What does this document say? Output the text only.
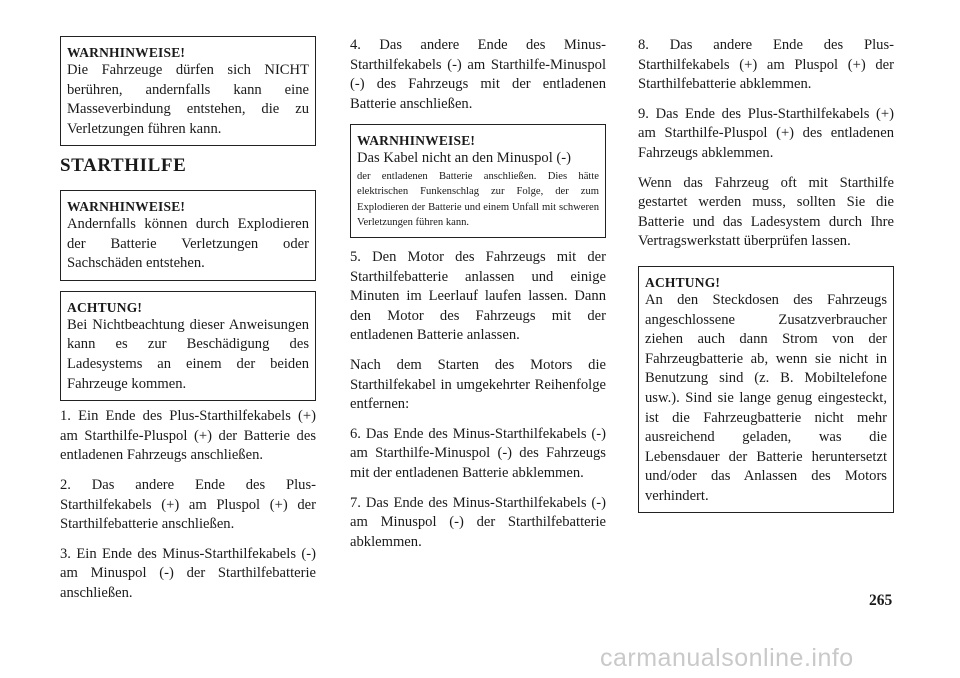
WARNHINWEISE!
Die Fahrzeuge dürfen sich NICHT berühren, andernfalls kann eine Masseverbindung entstehen, die zu Verletzungen führen kann.
STARTHILFE
WARNHINWEISE!
Andernfalls können durch Explodieren der Batterie Verletzungen oder Sachschäden entstehen.
ACHTUNG!
Bei Nichtbeachtung dieser Anweisungen kann es zur Beschädigung des Ladesystems an einem der beiden Fahrzeuge kommen.

1. Ein Ende des Plus-Starthilfekabels (+) am Starthilfe-Pluspol (+) der Batterie des entladenen Fahrzeugs anschließen.

2. Das andere Ende des Plus-Starthilfekabels (+) am Pluspol (+) der Starthilfebatterie anschließen.

3. Ein Ende des Minus-Starthilfekabels (-) am Minuspol (-) der Starthilfebatterie anschließen.

4. Das andere Ende des Minus-Starthilfekabels (-) am Starthilfe-Minuspol (-) des Fahrzeugs mit der entladenen Batterie anschließen.

WARNHINWEISE!
Das Kabel nicht an den Minuspol (-)
der entladenen Batterie anschließen. Dies hätte elektrischen Funkenschlag zur Folge, der zum Explodieren der Batterie und einem Unfall mit schweren Verletzungen führen kann.

5. Den Motor des Fahrzeugs mit der Starthilfebatterie anlassen und einige Minuten im Leerlauf laufen lassen. Dann den Motor des Fahrzeugs mit der entladenen Batterie anlassen.

Nach dem Starten des Motors die Starthilfekabel in umgekehrter Reihenfolge entfernen:

6. Das Ende des Minus-Starthilfekabels (-) am Starthilfe-Minuspol (-) des Fahrzeugs mit der entladenen Batterie abklemmen.

7. Das Ende des Minus-Starthilfekabels (-) am Minuspol (-) der Starthilfebatterie abklemmen.

8. Das andere Ende des Plus-Starthilfekabels (+) am Pluspol (+) der Starthilfebatterie abklemmen.

9. Das Ende des Plus-Starthilfekabels (+) am Starthilfe-Pluspol (+) des entladenen Fahrzeugs abklemmen.

Wenn das Fahrzeug oft mit Starthilfe gestartet werden muss, sollten Sie die Batterie und das Ladesystem durch Ihre Vertragswerkstatt überprüfen lassen.

ACHTUNG!
An den Steckdosen des Fahrzeugs angeschlossene Zusatzverbraucher ziehen auch dann Strom von der Fahrzeugbatterie ab, wenn sie nicht in Benutzung sind (z. B. Mobiltelefone usw.). Sind sie lange genug eingesteckt, ist die Fahrzeugbatterie nicht mehr ausreichend geladen, was die Lebensdauer der Batterie heruntersetzt und/oder das Anlassen des Motors verhindert.
265
carmanualsonline.info
